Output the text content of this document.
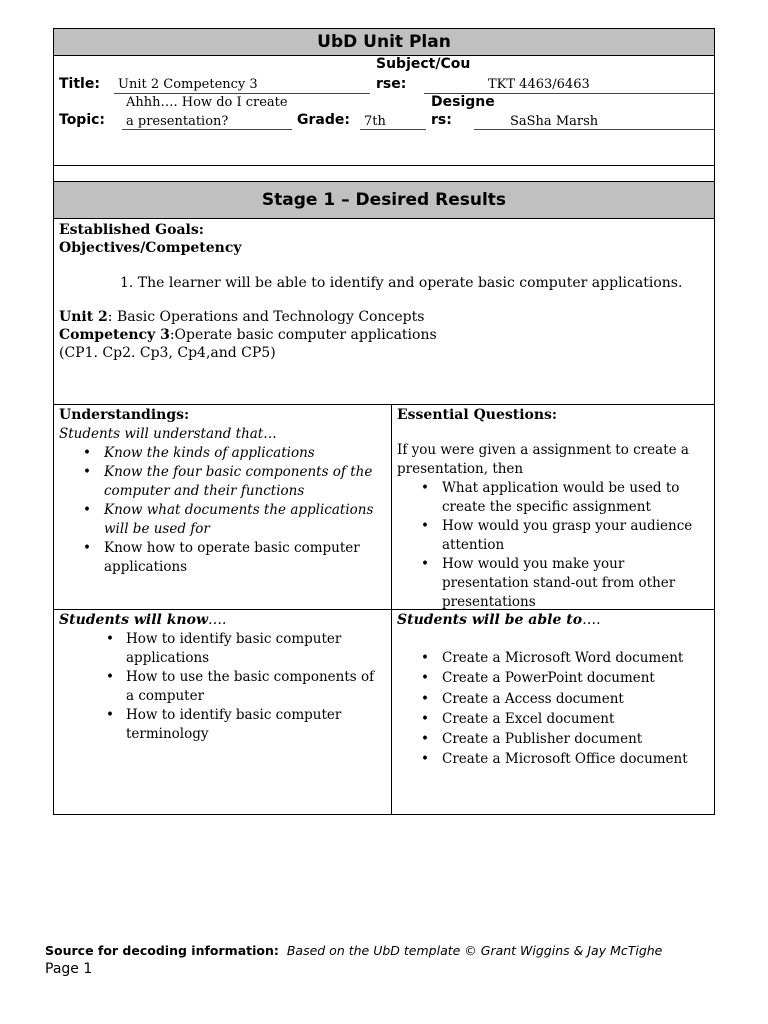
UbD Unit Plan
Title: Unit 2 Competency 3
Subject/Cou
rse:	TKT 4463/6463
Ahhh…. How do I create
Topic: a presentation?	Grade: 7th
Designe
rs:	SaSha Marsh
Stage 1 – Desired Results
Established Goals:
Objectives/Competency
1. The learner will be able to identify and operate basic computer applications.
Unit 2: Basic Operations and Technology Concepts
Competency 3:Operate basic computer applications
(CP1. Cp2. Cp3, Cp4,and CP5)
Understandings:
Students will understand that…
• Know the kinds of applications
• Know the four basic components of the computer and their functions
• Know what documents the applications will be used for
• Know how to operate basic computer applications
Essential Questions:
If you were given a assignment to create a presentation, then
• What application would be used to create the specific assignment
• How would you grasp your audience attention
• How would you make your presentation stand-out from other presentations
Students will know….
• How to identify basic computer applications
• How to use the basic components of a computer
• How to identify basic computer terminology
Students will be able to….
• Create a Microsoft Word document
• Create a PowerPoint document
• Create a Access document
• Create a Excel document
• Create a Publisher document
• Create a Microsoft Office document
Source for decoding information: Based on the UbD template © Grant Wiggins & Jay McTighe
Page 1
